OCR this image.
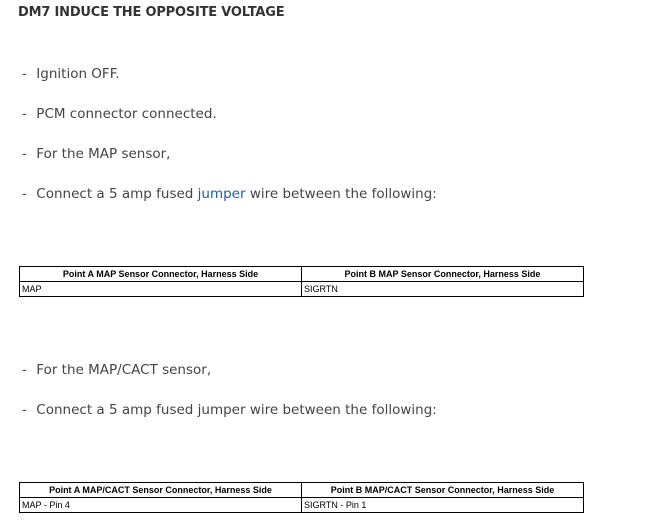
DM7 INDUCE THE OPPOSITE VOLTAGE
- Ignition OFF.
- PCM connector connected.
- For the MAP sensor,
- Connect a 5 amp fused jumper wire between the following:
Point A MAP Sensor Connector, Harness Side	Point B MAP Sensor Connector, Harness Side
MAP	SIGRTN
- For the MAP/CACT sensor,
- Connect a 5 amp fused jumper wire between the following:
Point A MAP/CACT Sensor Connector, Harness Side	Point B MAP/CACT Sensor Connector, Harness Side
MAP - Pin 4	SIGRTN - Pin 1
